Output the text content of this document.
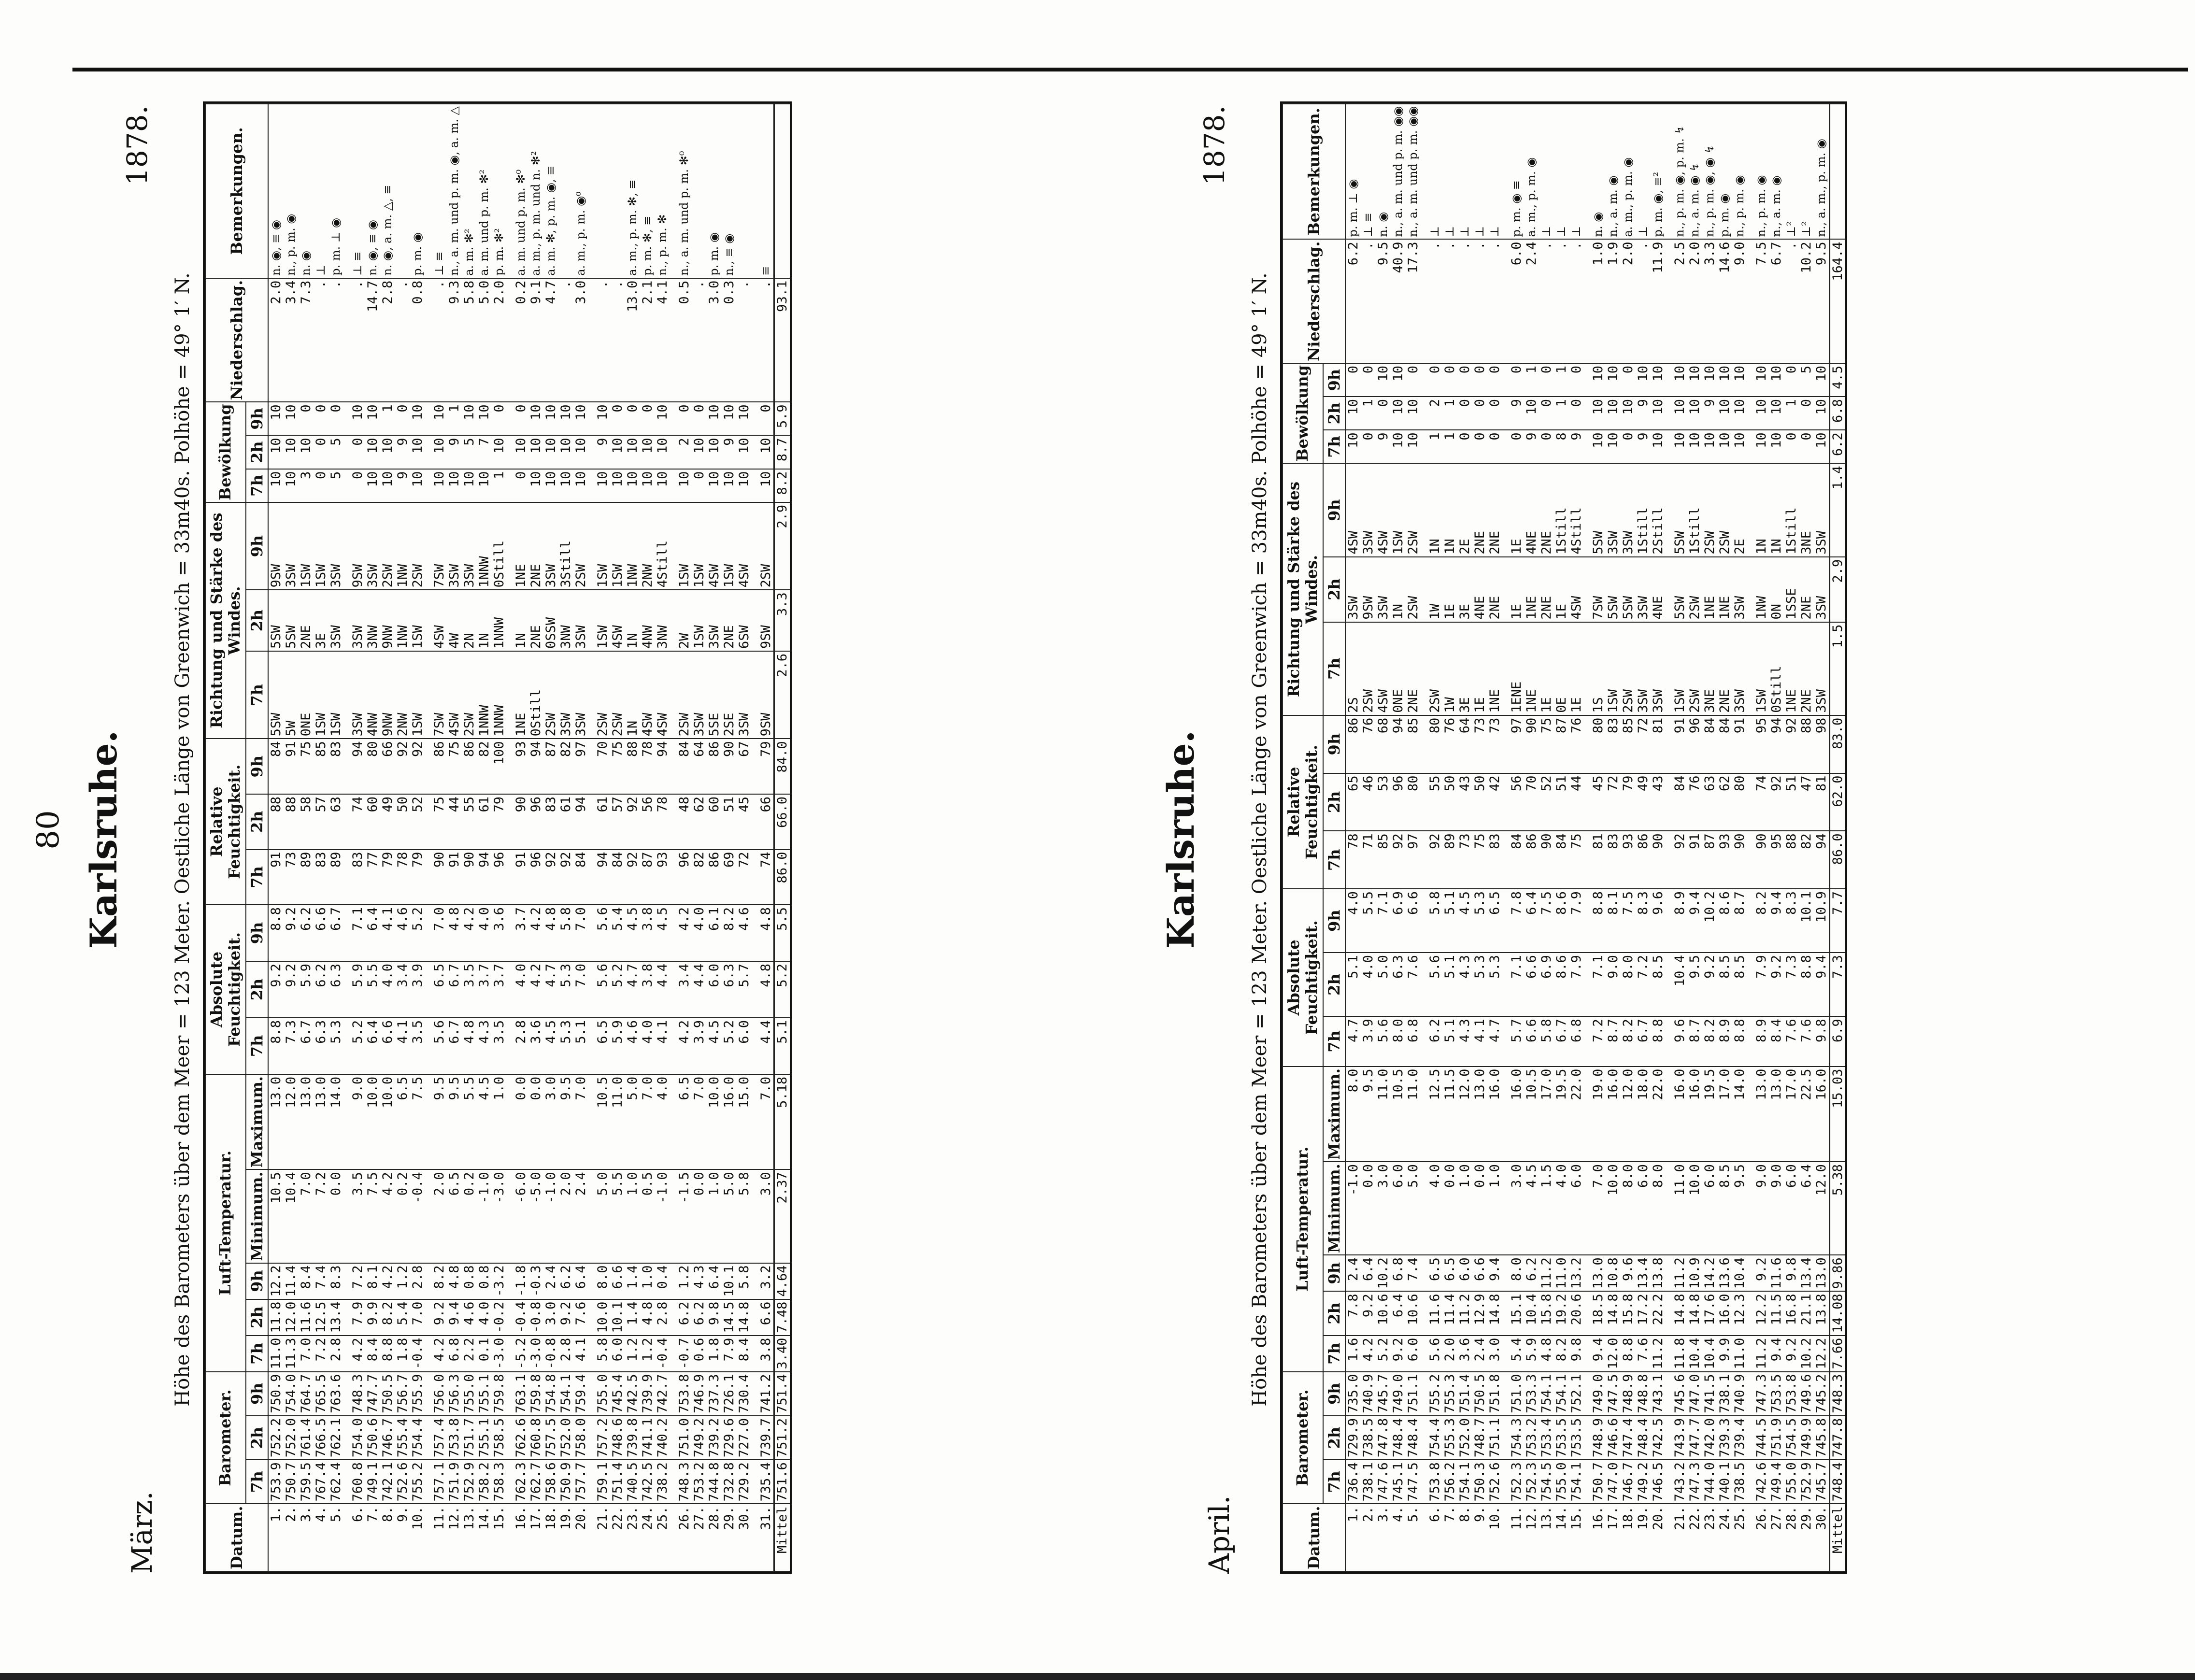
80
März.
Karlsruhe.
1878.
Höhe des Barometers über dem Meer = 123 Meter. Oestliche Länge von Greenwich = 33m40s. Polhöhe = 49° 1′ N.
Datum.	Barometer.			Luft-Temperatur.					Absolute Feuchtigkeit.			Relative Feuchtigkeit.			Richtung und Stärke des Windes.			Bewölkung			Niederschlag.	Bemerkungen.
	7h	2h	9h	7h	2h	9h	Minimum.	Maximum.	7h	2h	9h	7h	2h	9h	7h	2h	9h	7h	2h	9h		
1.	753.9	752.2	750.9	11.0	11.8	12.2	10.5	13.0	8.8	9.2	8.8	91	88	84	5SW	5SW	9SW	10	10	10	2.0	n. ◉, ≡ ◉
2.	750.7	752.0	754.0	11.3	12.0	11.4	10.4	12.0	7.3	9.2	9.2	73	88	91	5W	5SW	3SW	10	10	10	3.4	n., p. m. ◉
3.	759.5	761.4	764.7	7.0	11.6	8.4	7.0	13.0	6.7	5.9	6.2	89	58	75	0NE	2NE	1SW	3	10	0	7.3	n. ◉
4.	767.4	766.5	765.5	7.2	12.5	7.4	7.2	13.0	6.3	6.2	6.6	83	57	85	1SW	3E	1SW	0	0	0	.	⊥
5.	762.4	762.1	763.6	2.8	13.4	8.3	0.0	14.0	5.3	6.3	6.7	89	63	83	1SW	3SW	3SW	5	5	0	.	p. m. ⊥ ◉

6.	760.8	754.0	748.3	4.2	7.9	7.2	3.5	9.0	5.2	5.9	7.1	83	74	94	3SW	3SW	9SW	0	0	10	.	⊥ ≡
7.	749.1	750.6	747.7	8.4	9.9	8.1	7.5	10.0	6.4	5.5	6.4	77	60	80	4NW	3NW	3SW	10	10	10	14.7	n. ◉, ≡ ◉
8.	742.1	746.7	750.5	8.8	8.2	4.2	4.2	10.0	6.6	4.0	4.1	79	49	66	9NW	9NW	2SW	10	10	1	2.8	n. ◉, a. m. △, ≡
9.	752.6	755.4	756.7	1.8	5.4	1.2	0.2	6.5	4.1	3.4	4.6	78	50	92	2NW	1NW	1NW	9	9	0	.	
10.	755.2	754.4	755.9	-0.4	7.0	2.8	-0.4	7.5	3.5	3.9	5.2	79	52	92	1SW	1SW	2SW	10	10	10	0.8	p. m. ◉

11.	757.1	757.4	756.0	4.2	9.2	8.2	2.0	9.5	5.6	6.5	7.0	90	75	86	7SW	4SW	7SW	10	10	10	.	⊥ ≡
12.	751.9	753.8	756.3	6.8	9.4	4.8	6.5	9.5	6.7	6.7	4.8	91	44	75	4SW	4W	3SW	10	9	1	9.3	n., a. m. und p. m. ◉, a. m. △
13.	752.9	751.7	755.0	2.2	4.6	0.8	0.2	5.5	4.8	3.5	4.2	90	55	86	2SW	2N	3SW	10	5	10	5.8	a. m. ✻²
14.	758.2	755.1	755.1	0.1	4.0	0.8	-1.0	4.5	4.3	3.7	4.0	94	61	82	1NNW	1N	1NNW	10	7	10	5.0	a. m. und p. m. ✻²
15.	758.3	758.5	759.8	-3.0	-0.2	-3.2	-3.0	1.0	3.5	3.7	3.6	96	79	100	1NNW	1NNW	0Still	1	10	0	2.0	p. m. ✻²

16.	762.3	762.6	763.1	-5.2	-0.4	-1.8	-6.0	0.0	2.8	4.0	3.7	91	90	93	1NE	1N	1NE	0	10	0	0.2	a. m. und p. m. ✻⁰
17.	762.7	760.8	759.8	-3.0	-0.8	-0.3	-5.0	0.0	3.6	4.2	4.2	96	96	94	0Still	2NE	2NE	10	10	10	9.1	a. m., p. m. und n. ✻²
18.	758.6	757.5	754.8	-0.8	3.0	2.4	-1.0	3.0	4.5	4.7	4.8	92	83	87	2SW	0SSW	3SW	10	10	10	4.7	a. m. ✻, p. m. ◉, ≡
19.	750.9	752.0	754.1	2.8	9.2	6.2	2.0	9.5	5.3	5.3	5.8	92	61	82	3SW	3NW	3Still	10	10	10	.	
20.	757.7	758.0	759.4	4.1	7.6	6.4	2.4	7.0	5.1	7.0	7.0	84	94	97	3SW	3SW	2SW	10	10	10	3.0	a. m., p. m. ◉⁰

21.	759.1	757.2	755.0	5.8	10.0	8.0	5.0	10.5	6.5	5.6	5.6	94	61	70	2SW	1SW	1SW	10	9	10	.	
22.	751.4	748.6	745.4	6.0	10.1	6.6	5.5	11.0	5.9	5.2	5.4	84	57	75	2SW	4SW	1SW	10	10	0	.	
23.	740.5	739.8	742.5	1.2	1.4	1.4	1.0	5.0	4.6	4.7	4.5	92	92	88	1N	1N	1NW	10	10	0	13.0	a. m., p. m. ✻, ≡
24.	742.5	741.1	739.9	1.2	4.8	1.0	0.5	7.0	4.0	3.8	3.8	87	56	78	4SW	4NW	2NW	10	10	0	2.1	p. m. ✻, ≡
25.	738.2	740.2	742.7	-0.4	2.8	0.4	-1.0	4.0	4.1	4.4	4.5	93	78	94	4SW	3NW	4Still	10	10	10	4.1	n., p. m. ✻

26.	748.3	751.0	753.8	-0.7	6.2	1.2	-1.5	6.5	4.2	3.4	4.2	96	48	84	2SW	2W	1SW	10	2	0	0.5	n., a. m. und p. m. ✻⁰
27.	753.2	749.2	746.9	0.6	6.2	4.3	0.0	7.0	3.9	4.4	4.0	82	62	64	3SW	1SW	1SW	0	10	0	.	
28.	744.8	739.2	737.3	1.8	9.8	6.4	1.0	10.0	4.5	6.0	6.1	86	60	86	5SE	3SW	4SW	10	10	10	3.0	p. m. ◉
29.	732.8	729.6	726.1	7.9	14.5	10.1	5.0	16.0	5.2	6.3	8.2	69	51	90	2SE	2NE	1SW	10	9	10	0.3	n., ≡ ◉
30.	729.2	727.0	730.4	8.4	14.8	5.8	5.8	15.0	6.0	5.7	4.6	72	45	67	3SW	6SW	4SW	10	10	10	.	

31.	735.4	739.7	741.2	3.8	6.6	3.2	3.0	7.0	4.4	4.8	4.8	74	66	79	9SW	9SW	2SW	10	10	0	.	≡
Mittel	751.6	751.2	751.4	3.40	7.48	4.64	2.37	5.18	5.1	5.2	5.5	86.0	66.0	84.0	2.6	3.3	2.9	8.2	8.7	5.9	93.1	
April.
Karlsruhe.
1878.
Höhe des Barometers über dem Meer = 123 Meter. Oestliche Länge von Greenwich = 33m40s. Polhöhe = 49° 1′ N.
Datum.	Barometer.			Luft-Temperatur.					Absolute Feuchtigkeit.			Relative Feuchtigkeit.			Richtung und Stärke des Windes.			Bewölkung			Niederschlag.	Bemerkungen.
	7h	2h	9h	7h	2h	9h	Minimum.	Maximum.	7h	2h	9h	7h	2h	9h	7h	2h	9h	7h	2h	9h		
1.	736.4	729.9	735.0	1.6	7.8	2.4	-1.0	8.0	4.7	5.1	4.0	78	65	86	2S	3SW	4SW	10	10	0	6.2	p. m. ⊥ ◉
2.	738.1	738.5	740.9	4.2	9.2	6.4	0.0	9.5	3.9	4.0	5.5	71	46	76	2SW	9SW	3SW	0	1	0	.	⊥ ≡
3.	747.6	747.8	745.7	5.2	10.6	10.2	3.0	11.0	5.6	5.0	7.1	85	53	68	4SW	3SW	4SW	9	0	10	9.5	n. ◉
4.	745.1	748.4	749.0	9.2	6.4	6.8	6.0	10.5	8.0	6.3	6.9	92	96	94	0NE	1N	1SW	10	10	10	40.9	n., a. m. und p. m. ◉◉
5.	747.5	748.4	751.1	6.0	10.6	7.4	5.0	11.0	6.8	7.6	6.6	97	80	85	2NE	2SW	2SW	10	10	0	17.3	n., a. m. und p. m. ◉◉

6.	753.8	754.4	755.2	5.6	11.6	6.5	4.0	12.5	6.2	5.6	5.8	92	55	80	2SW	1W	1N	1	2	0	.	⊥
7.	756.2	755.3	755.3	2.0	11.4	6.5	0.0	11.5	5.1	5.1	5.1	89	50	76	1W	1E	1N	1	1	0	.	⊥
8.	754.1	752.0	751.4	3.6	11.2	6.0	1.0	12.0	4.3	4.3	4.5	73	43	64	3E	3E	2E	0	0	0	.	⊥
9.	750.3	748.7	750.5	2.4	12.9	6.6	0.0	13.0	4.1	5.3	5.3	75	50	73	1E	4NE	2NE	0	0	0	.	⊥
10.	752.6	751.1	751.8	3.0	14.8	9.4	1.0	16.0	4.7	5.3	6.5	83	42	73	1NE	2NE	2NE	0	0	0	.	⊥

11.	752.3	754.3	751.0	5.4	15.1	8.0	3.0	16.0	5.7	7.1	7.8	84	56	97	1ENE	1E	1E	0	9	0	6.0	p. m. ◉ ≡
12.	752.3	753.2	753.3	5.9	10.4	6.2	4.5	10.5	6.6	6.6	6.4	86	70	90	1NE	1NE	4NE	9	10	1	2.4	a. m., p. m. ◉
13.	754.5	753.4	754.1	4.8	15.8	11.2	1.5	17.0	5.8	6.9	7.5	90	52	75	1E	2NE	2NE	0	0	0	.	⊥
14.	755.0	753.5	754.1	8.2	19.2	11.0	4.0	19.5	6.7	8.6	8.6	84	51	87	0E	1E	1Still	8	1	1	.	⊥
15.	754.1	753.5	752.1	9.8	20.6	13.2	6.0	22.0	6.8	7.9	7.9	75	44	76	1E	4SW	4Still	9	0	0	.	⊥

16.	750.7	748.9	749.0	9.4	18.5	13.0	7.0	19.0	7.2	7.1	8.8	81	45	80	1S	7SW	5SW	10	10	10	1.0	n. ◉
17.	747.0	746.6	747.5	12.0	14.8	10.8	10.0	16.0	8.7	9.0	8.1	83	72	83	1SW	5SW	3SW	10	10	10	1.9	n., a. m. ◉
18.	746.7	747.4	748.9	8.8	15.8	9.6	8.0	12.0	8.2	8.0	7.5	93	79	85	2SW	5SW	3SW	0	10	0	2.0	a. m., p. m. ◉
19.	749.2	748.4	748.8	7.6	17.2	13.4	6.0	18.0	6.7	7.2	8.3	86	49	72	3SW	3SW	1Still	9	9	10	.	⊥
20.	746.5	742.5	743.1	11.2	22.2	13.8	8.0	22.0	8.8	8.5	9.6	90	43	81	3SW	4NE	2Still	10	10	10	11.9	p. m. ◉, ≡²

21.	743.2	743.9	745.6	11.8	14.8	11.2	11.0	16.0	9.6	10.4	8.9	92	84	91	1SW	5SW	5SW	10	10	10	2.5	n., p. m. ◉, p. m. ↯
22.	747.3	747.7	747.0	10.4	14.8	10.9	10.0	16.0	8.7	9.5	9.4	91	76	96	2SW	2SW	1Still	10	10	10	2.0	n., a. m. ◉ ↯
23.	744.0	742.0	741.5	10.4	17.6	14.2	6.0	19.5	8.2	9.2	10.2	87	63	84	3NE	1NE	2SW	10	9	10	3.3	n., p. m. ◉, ◉ ↯
24.	740.1	739.3	738.1	9.9	16.0	13.6	8.5	17.0	8.9	8.5	8.6	93	62	84	2NE	1NE	2SW	10	10	10	14.6	p. m. ◉
25.	738.5	739.4	740.9	11.0	12.3	10.4	9.5	14.0	8.8	8.5	8.7	90	80	91	3SW	3SW	2E	10	10	10	9.0	n., p. m. ◉

26.	742.6	744.5	747.3	11.2	12.2	9.2	9.0	13.0	8.9	7.9	8.2	90	74	95	1SW	1NW	1N	10	10	10	7.5	n., p. m. ◉
27.	749.4	751.9	753.5	9.4	11.5	11.6	9.0	13.0	8.4	9.2	9.4	95	92	94	0Still	0N	1N	10	10	10	6.7	n., a. m. ◉
28.	755.0	754.5	753.8	9.2	16.8	9.8	6.0	17.0	7.6	7.3	8.3	88	51	92	1NE	1SSE	1Still	0	1	0	.	⊥²
29.	752.9	749.9	749.6	10.2	21.1	13.4	6.4	22.5	7.6	8.8	10.1	82	47	88	2NE	2NE	3NE	0	0	5	10.2	⊥²
30.	745.7	745.8	745.2	12.2	13.8	13.0	12.0	16.0	9.8	9.4	10.9	94	81	98	3SW	3SW	3SW	10	10	10	9.5	n., a. m., p. m. ◉
Mittel	748.4	747.8	748.3	7.66	14.08	9.86	5.38	15.03	6.9	7.3	7.7	86.0	62.0	83.0	1.5	2.9	1.4	6.2	6.8	4.5	164.4	
